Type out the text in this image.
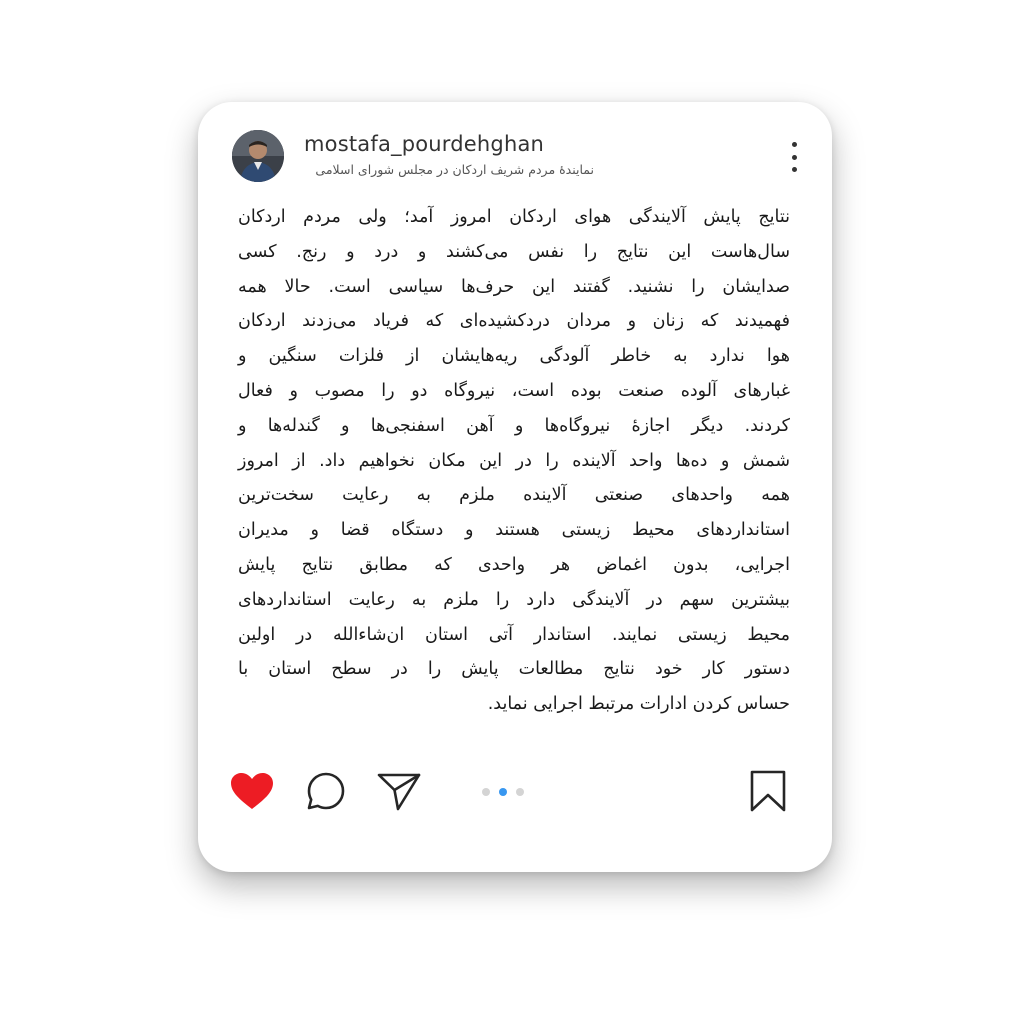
mostafa_pourdehghan
نمایندهٔ مردم شریف اردکان در مجلس شورای اسلامی
نتایج پایش آلایندگی هوای اردکان امروز آمد؛ ولی مردم اردکان
سال‌هاست این نتایج را نفس می‌کشند و درد و رنج. کسی
صدایشان را نشنید. گفتند این حرف‌ها سیاسی است. حالا همه
فهمیدند که زنان و مردان دردکشیده‌ای که فریاد می‌زدند اردکان
هوا ندارد به خاطر آلودگی ریه‌هایشان از فلزات سنگین و
غبارهای آلوده صنعت بوده است، نیروگاه دو را مصوب و فعال
کردند. دیگر اجازهٔ نیروگاه‌ها و آهن اسفنجی‌ها و گندله‌ها و
شمش و ده‌ها واحد آلاینده را در این مکان نخواهیم داد. از امروز
همه واحدهای صنعتی آلاینده ملزم به رعایت سخت‌ترین
استانداردهای محیط زیستی هستند و دستگاه قضا و مدیران
اجرایی، بدون اغماض هر واحدی که مطابق نتایج پایش
بیشترین سهم در آلایندگی دارد را ملزم به رعایت استانداردهای
محیط زیستی نمایند. استاندار آتی استان ان‌شاءالله در اولین
دستور کار خود نتایج مطالعات پایش را در سطح استان با
حساس کردن ادارات مرتبط اجرایی نماید.
